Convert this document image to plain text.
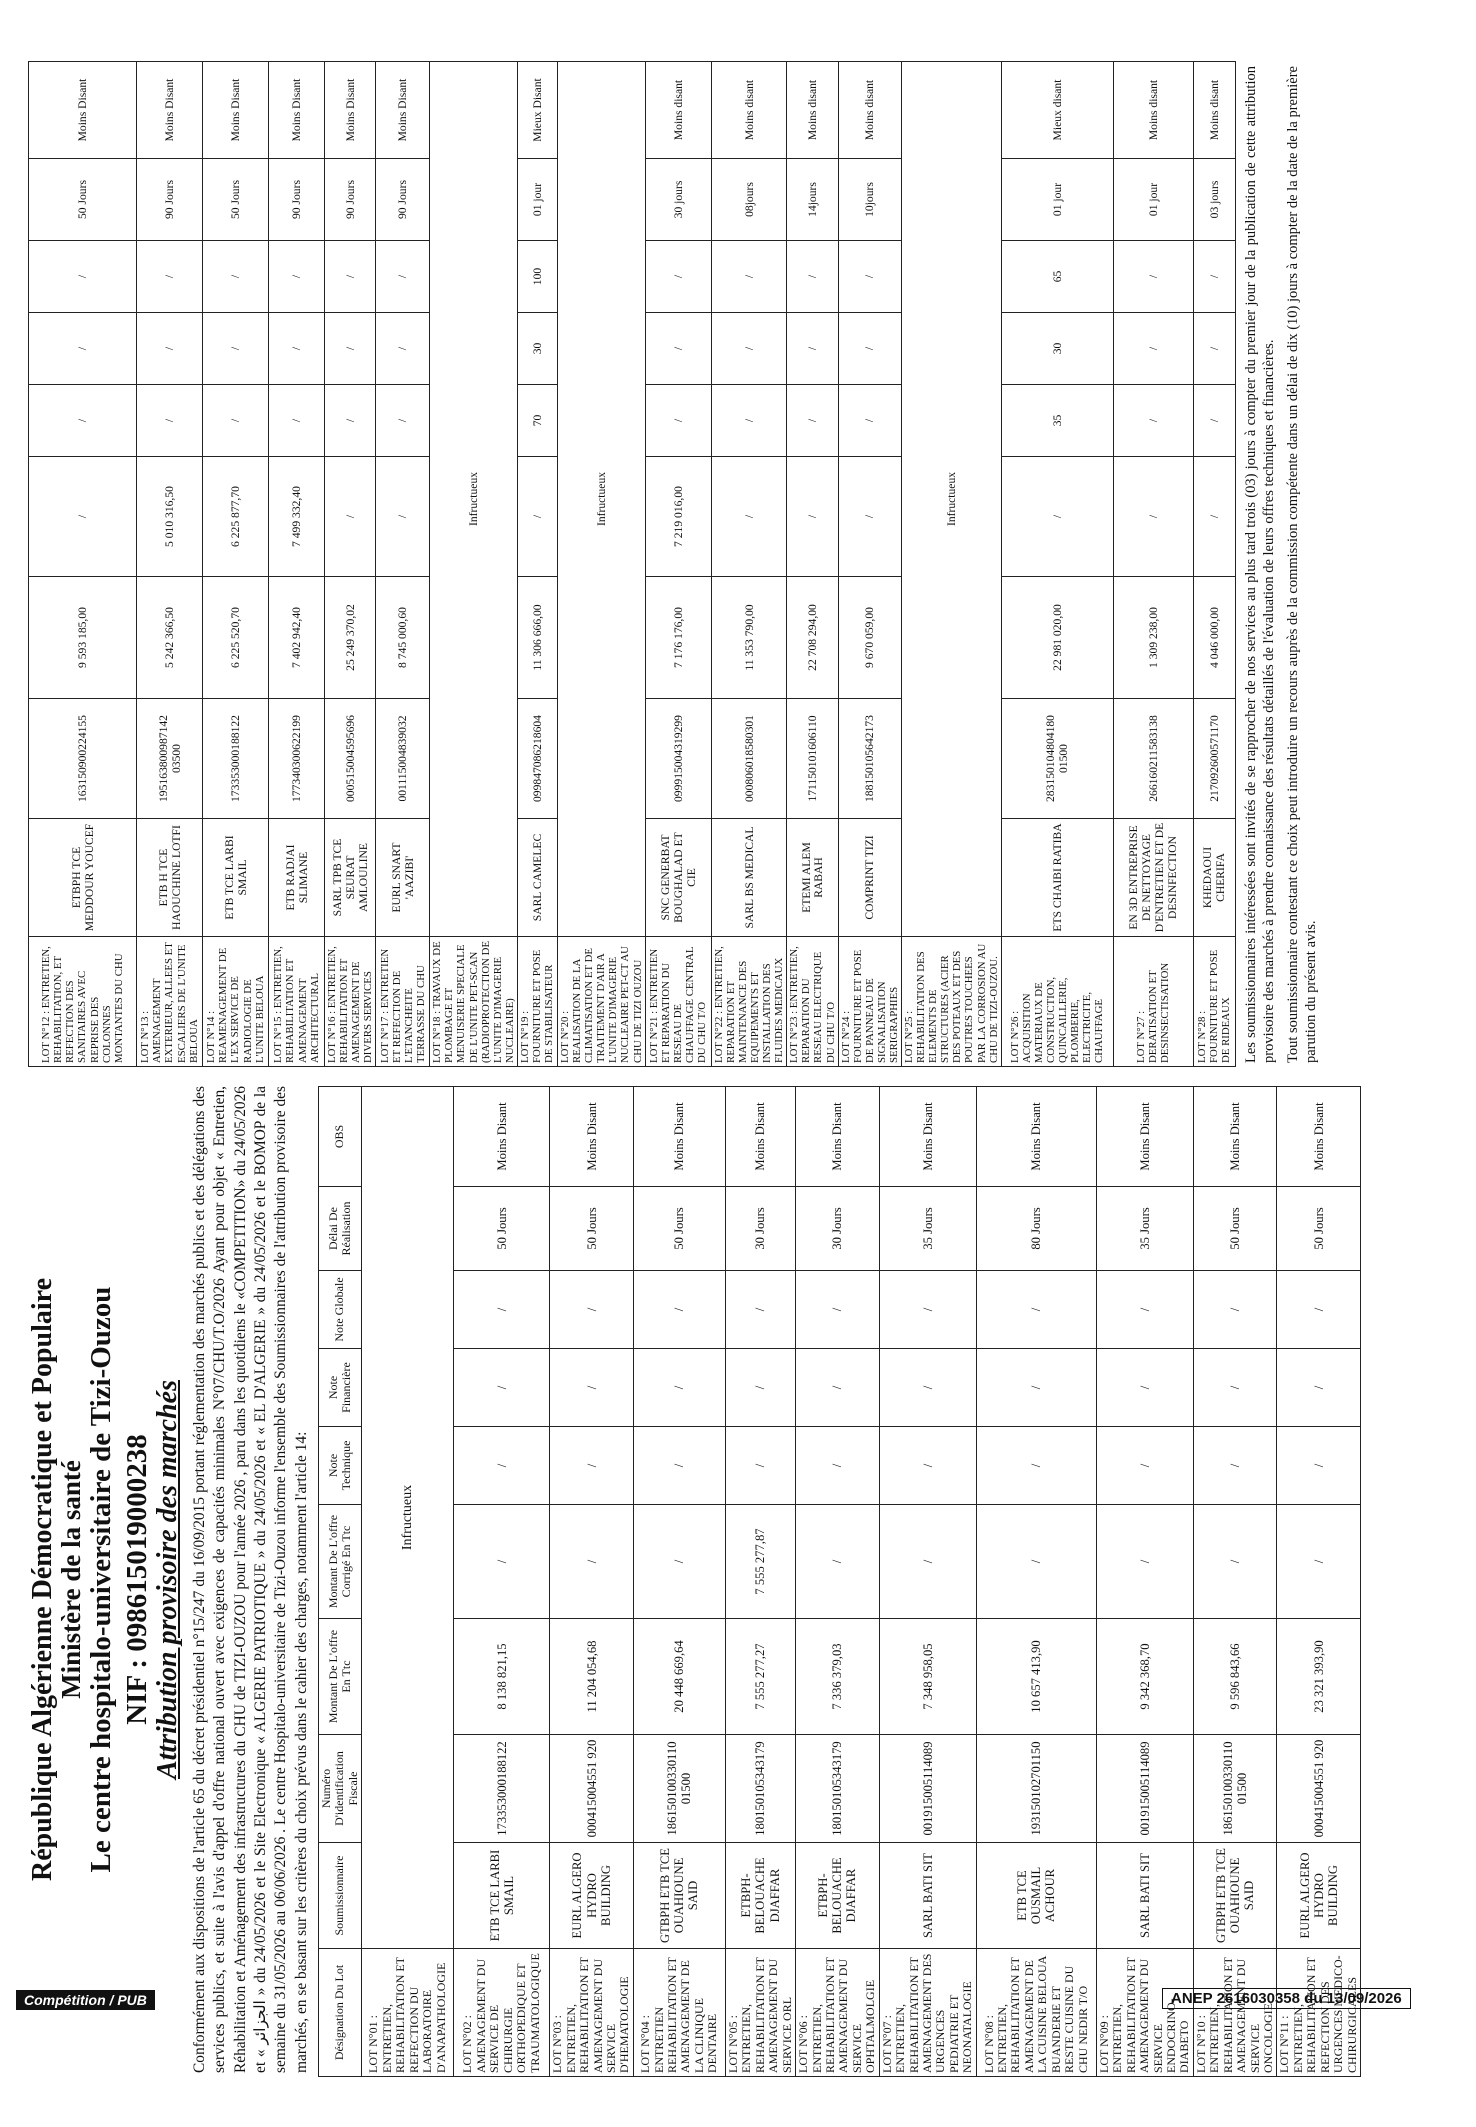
République Algérienne Démocratique et Populaire
Ministère de la santé
Le centre hospitalo-universitaire de Tizi-Ouzou NIF : 098615019000238
Attribution provisoire des marchés Conformément aux dispositions de l'article 65 du décret présidentiel n°15/247 du 16/09/2015 portant réglementation des marchés publics et des délégations des services publics, et suite à l'avis d'appel d'offre national ouvert avec exigences de capacités minimales N°07/CHU/T.O/2026 Ayant pour objet « Entretien, Réhabilitation et Aménagement des infrastructures du CHU de TIZI-OUZOU pour l'année 2026 , paru dans les quotidiens le «COMPETITION» du 24/05/2026 et « الجزائر » du 24/05/2026 et le Site Electronique « ALGERIE PATRIOTIQUE » du 24/05/2026 et « EL D'ALGERIE » du 24/05/2026 et le BOMOP de la semaine du 31/05/2026 au 06/06/2026 . Le centre Hospitalo-universitaire de Tizi-Ouzou informe l'ensemble des Soumissionnaires de l'attribution provisoire des marchés, en se basant sur les critères du choix prévus dans le cahier des charges, notamment l'article 14: Désignation Du Lot	Soumissionnaire	Numéro D'identification Fiscale	Montant De L'offre En Ttc	Montant De L'offre Corrigé En Ttc	Note Technique	Note Financière	Note Globale	Délai De Réalisation	OBS
LOT N°01 : ENTRETIEN, REHABILITATION ET REFECTION DU LABORATOIRE D'ANAPATHOLOGIE	Infructueux								
LOT N°02 : AMENAGEMENT DU SERVICE DE CHIRURGIE ORTHOPEDIQUE ET TRAUMATOLOGIQUE	ETB TCE LARBI SMAIL	173353000188122	8 138 821,15	/	/	/	/	50 Jours	Moins Disant
LOT N°03 : ENTRETIEN, REHABILITATION ET AMENAGEMENT DU SERVICE D'HEMATOLOGIE	EURL ALGERO HYDRO BUILDING	000415004551 920	11 204 054,68	/	/	/	/	50 Jours	Moins Disant
LOT N°04 : ENTRETIEN REHABILITATION ET AMENAGEMENT DE LA CLINIQUE DENTAIRE	GTBPH ETB TCE OUAHIOUNE SAID	186150100330110 01500	20 448 669,64	/	/	/	/	50 Jours	Moins Disant
LOT N°05 : ENTRETIEN, REHABILITATION ET AMENAGEMENT DU SERVICE ORL	ETBPH-BELOUACHE DJAFFAR	180150105343179	7 555 277,27	7 555 277,87	/	/	/	30 Jours	Moins Disant
LOT N°06 : ENTRETIEN, REHABILITATION ET AMENAGEMENT DU SERVICE OPHTALMOLGIE	ETBPH-BELOUACHE DJAFFAR	180150105343179	7 336 379,03	/	/	/	/	30 Jours	Moins Disant
LOT N°07 : ENTRETIEN, REHABILITATION ET AMENAGEMENT DES URGENCES PEDIATRIE ET NEONATALOGIE	SARL BATI SIT	001915005114089	7 348 958,05	/	/	/	/	35 Jours	Moins Disant
LOT N°08 : ENTRETIEN, REHABILITATION ET AMENAGEMENT DE LA CUISINE BELOUA BUANDERIE ET RESTE CUISINE DU CHU NEDIR T/O	ETB TCE OUSMAIL ACHOUR	193150102701150	10 657 413,90	/	/	/	/	80 Jours	Moins Disant
LOT N°09 : ENTRETIEN, REHABILITATION ET AMENAGEMENT DU SERVICE ENDOCRINO-DIABETO	SARL BATI SIT	001915005114089	9 342 368,70	/	/	/	/	35 Jours	Moins Disant
LOT N°10 : ENTRETIEN, REHABILITATION ET AMENAGEMENT DU SERVICE ONCOLOGIE	GTBPH ETB TCE OUAHIOUNE SAID	186150100330110 01500	9 596 843,66	/	/	/	/	50 Jours	Moins Disant
LOT N°11 : ENTRETIEN, REHABILITATION ET REFECTION DES URGENCES MEDICO-CHIRURGICALES	EURL ALGERO HYDRO BUILDING	000415004551 920	23 321 393,90	/	/	/	/	50 Jours	Moins Disant
LOT N°12 : ENTRETIEN, REHABILITATION, ET REFECTION DES SANITAIRES AVEC REPRISE DES COLONNES MONTANTES DU CHU	ETBPH TCE MEDDOUR YOUCEF	163150900224155	9 593 185,00	/	/	/	/	50 Jours	Moins Disant
LOT N°13 : AMENAGEMENT EXTERIEUR, ALLEES ET ESCALIERS DE L'UNITE BELOUA	ETB H TCE HAOUCHINE LOTFI	195163800987142 03500	5 242 366,50	5 010 316,50	/	/	/	90 Jours	Moins Disant
LOT N°14 : REAMENAGEMENT DE L'EX SERVICE DE RADIOLOGIE DE L'UNITE BELOUA	ETB TCE LARBI SMAIL	173353000188122	6 225 520,70	6 225 877,70	/	/	/	50 Jours	Moins Disant
LOT N°15 : ENTRETIEN, REHABILITATION ET AMENAGEMENT ARCHITECTURAL	ETB RADJAI SLIMANE	177340300622199	7 402 942,40	7 499 332,40	/	/	/	90 Jours	Moins Disant
LOT N°16 : ENTRETIEN, REHABILITATION ET AMENAGEMENT DE DIVERS SERVICES	SARL TPB TCE SEURAT AMLOULINE	000515004595696	25 249 370,02	/	/	/	/	90 Jours	Moins Disant
LOT N°17 : ENTRETIEN ET REFECTION DE L'ETANCHEITE TERRASSE DU CHU	EURL SNART 'AAZIBI'	001115004839032	8 745 000,60	/	/	/	/	90 Jours	Moins Disant
LOT N°18 : TRAVAUX DE PLOMBAGE ET MENUISERIE SPECIALE DE L'UNITE PET-SCAN (RADIOPROTECTION DE L'UNITE D'IMAGERIE NUCLEAIRE)	Infructueux								
LOT N°19 : FOURNITURE ET POSE DE STABILISATEUR	SARL CAMELEC	099847086218604	11 306 666,00	/	70	30	100	01 jour	Mieux Disant
LOT N°20 : REALISATION DE LA CLIMATISATION ET DE TRAITEMENT D'AIR A L'UNITE D'IMAGERIE NUCLEAIRE PET-CT AU CHU DE TIZI OUZOU	Infructueux								
LOT N°21 : ENTRETIEN ET REPARATION DU RESEAU DE CHAUFFAGE CENTRAL DU CHU T/O	SNC GENERBAT BOUGHALAD ET CIE	099915004319299	7 176 176,00	7 219 016,00	/	/	/	30 jours	Moins disant
LOT N°22 : ENTRETIEN, REPARATION ET MAINTENANCE DES EQUIPEMENTS ET INSTALLATION DES FLUIDES MEDICAUX	SARL BS MEDICAL	000806018580301	11 353 790,00	/	/	/	/	08jours	Moins disant
LOT N°23 : ENTRETIEN, REPARATION DU RESEAU ELECTRIQUE DU CHU T/O	ETEMI ALEM RABAH	171150101606110	22 708 294,00	/	/	/	/	14jours	Moins disant
LOT N°24 : FOURNITURE ET POSE DE PANNEAU DE SIGNALISATION SERIGRAPHIES	COMPRINT TIZI	188150105642173	9 670 059,00	/	/	/	/	10jours	Moins disant
LOT N°25 : REHABILITATION DES ELEMENTS DE STRUCTURES (ACIER DES POTEAUX ET DES POUTRES TOUCHEES PAR LA CORROSION AU CHU DE TIZI-OUZOU.	Infructueux								
LOT N°26 : ACQUISITION MATERIAUX DE CONSTRUCTION, QUINCAILLERIE, PLOMBERIE, ELECTRICITE, CHAUFFAGE	ETS CHAIBI RATIBA	283150104804180 01500	22 981 020,00	/	35	30	65	01 jour	Mieux disant
LOT N°27 : DERATISATION ET DESINSECTISATION	EN 3D ENTREPRISE DE NETTOYAGE D'ENTRETIEN ET DE DESINFECTION	266160211583138	1 309 238,00	/	/	/	/	01 jour	Moins disant
LOT N°28 : FOURNITURE ET POSE DE RIDEAUX	KHEDAOUI CHERIFA	217092600571170	4 046 000,00	/	/	/	/	03 jours	Moins disant Les soumissionnaires intéressées sont invités de se rapprocher de nos services au plus tard trois (03) jours à compter du premier jour de la publication de cette attribution provisoire des marchés à prendre connaissance des résultats détaillés de l'évaluation de leurs offres techniques et financières. Tout soumissionnaire contestant ce choix peut introduire un recours auprès de la commission compétente dans un délai de dix (10) jours à compter de la date de la première parution du présent avis.
Compétition / PUB	ANEP 2616030358 du 13/09/2026
